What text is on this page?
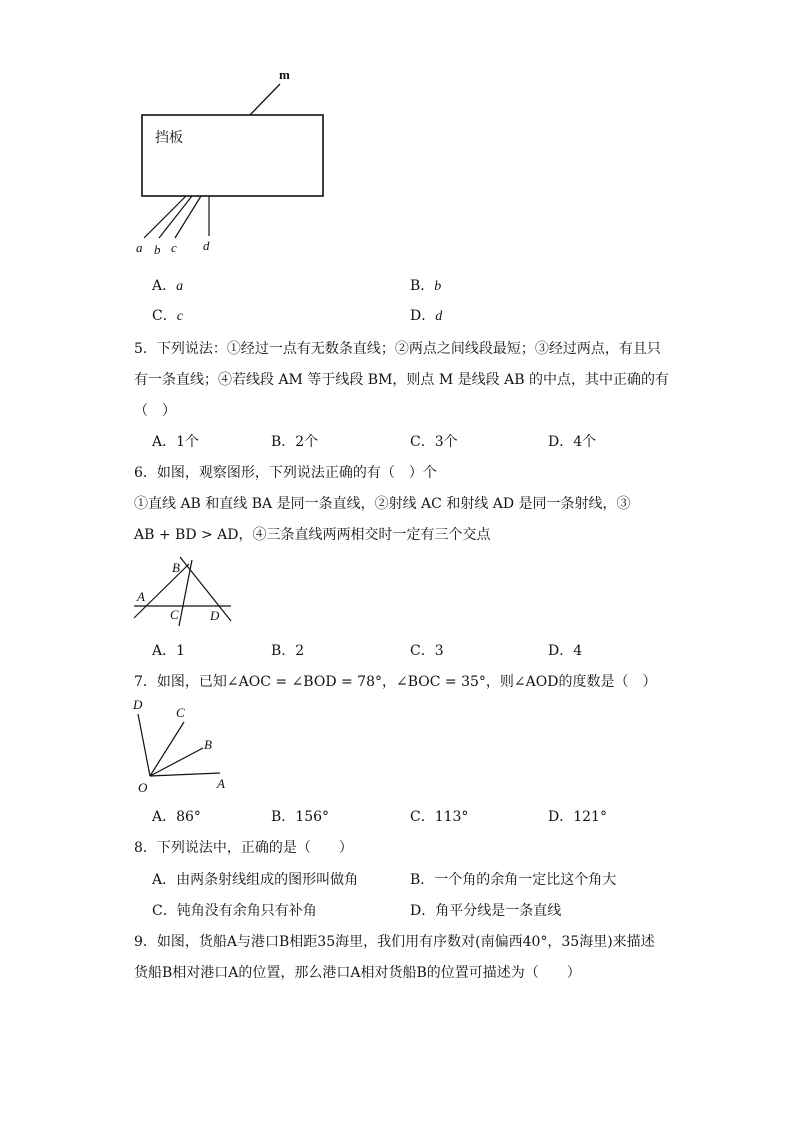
m
a b c d
挡板
A．a	B．b
C．c	D．d
5．下列说法：①经过一点有无数条直线；②两点之间线段最短；③经过两点，有且只
有一条直线；④若线段 AM 等于线段 BM，则点 M 是线段 AB 的中点，其中正确的有
（　）
A．1个	B．2个	C．3个	D．4个
6．如图，观察图形，下列说法正确的有（　）个
①直线 AB 和直线 BA 是同一条直线，②射线 AC 和射线 AD 是同一条射线，③
AB + BD > AD，④三条直线两两相交时一定有三个交点
B
A
C D
A．1	B．2	C．3	D．4
7．如图，已知∠AOC = ∠BOD = 78°，∠BOC = 35°，则∠AOD的度数是（　）
D
C
B
O	A
A．86°	B．156°	C．113°	D．121°
8．下列说法中，正确的是（　　）
A．由两条射线组成的图形叫做角	B．一个角的余角一定比这个角大
C．钝角没有余角只有补角	D．角平分线是一条直线
9．如图，货船A与港口B相距35海里，我们用有序数对(南偏西40°，35海里)来描述
货船B相对港口A的位置，那么港口A相对货船B的位置可描述为（　　）
